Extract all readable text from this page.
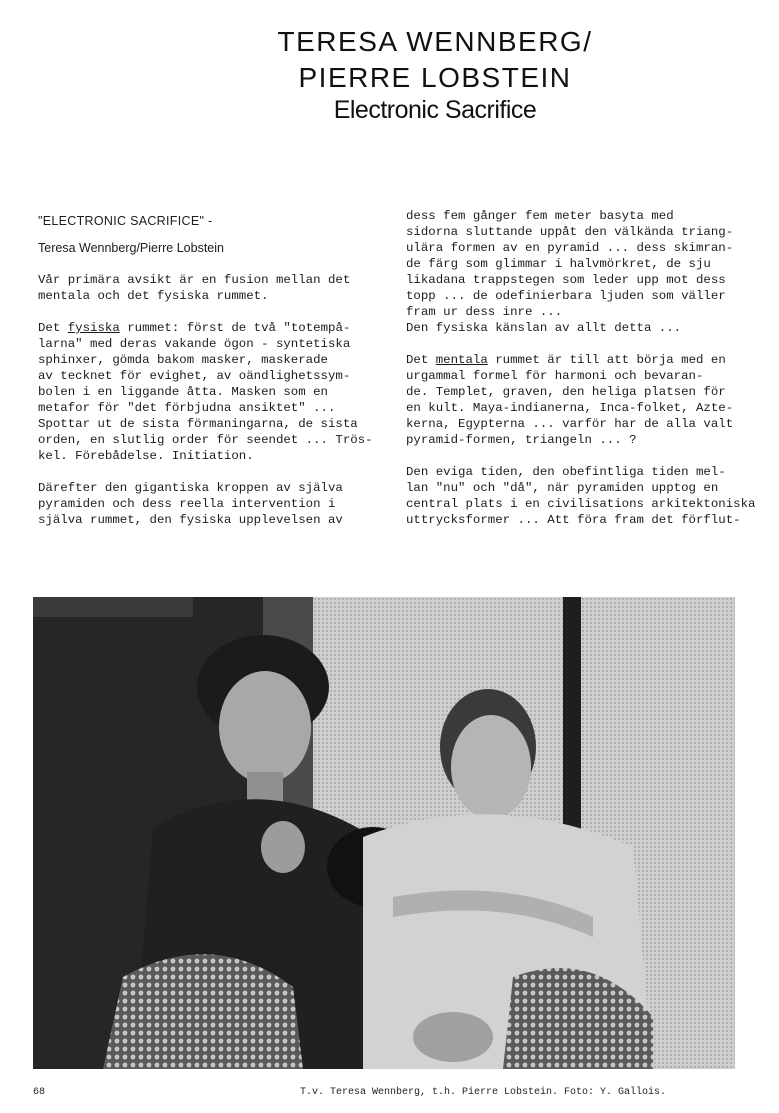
TERESA WENNBERG/
PIERRE LOBSTEIN
Electronic Sacrifice

"ELECTRONIC SACRIFICE" -

Teresa Wennberg/Pierre Lobstein

Vår primära avsikt är en fusion mellan det
mentala och det fysiska rummet.

Det fysiska rummet: först de två "totempå-
larna" med deras vakande ögon - syntetiska
sphinxer, gömda bakom masker, maskerade
av tecknet för evighet, av oändlighetssym-
bolen i en liggande åtta. Masken som en
metafor för "det förbjudna ansiktet" ...
Spottar ut de sista förmaningarna, de sista
orden, en slutlig order för seendet ... Trös-
kel. Förebådelse. Initiation.

Därefter den gigantiska kroppen av själva
pyramiden och dess reella intervention i
själva rummet, den fysiska upplevelsen av

dess fem gånger fem meter basyta med
sidorna sluttande uppåt den välkända triang-
ulära formen av en pyramid ... dess skimran-
de färg som glimmar i halvmörkret, de sju
likadana trappstegen som leder upp mot dess
topp ... de odefinierbara ljuden som väller
fram ur dess inre ...
Den fysiska känslan av allt detta ...

Det mentala rummet är till att börja med en
urgammal formel för harmoni och bevaran-
de. Templet, graven, den heliga platsen för
en kult. Maya-indianerna, Inca-folket, Azte-
kerna, Egypterna ... varför har de alla valt
pyramid-formen, triangeln ... ?

Den eviga tiden, den obefintliga tiden mel-
lan "nu" och "då", när pyramiden upptog en
central plats i en civilisations arkitektoniska
uttrycksformer ... Att föra fram det förflut-

68	T.v. Teresa Wennberg, t.h. Pierre Lobstein. Foto: Y. Gallois.
